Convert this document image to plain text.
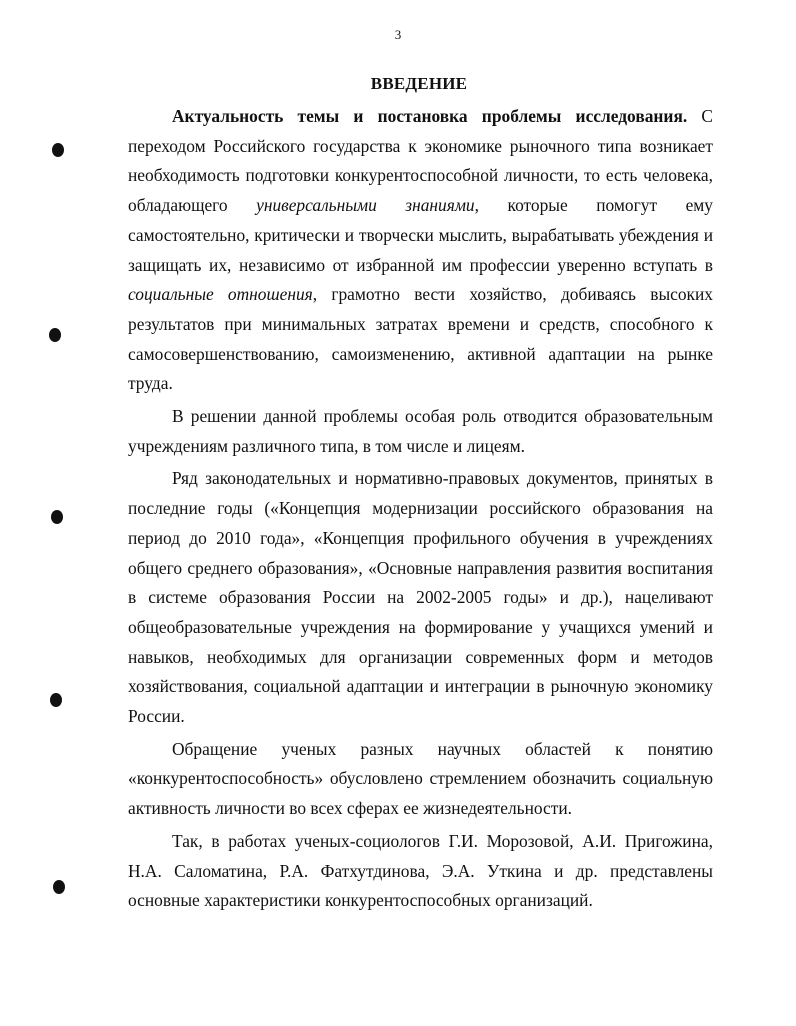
3
ВВЕДЕНИЕ

Актуальность темы и постановка проблемы исследования. С переходом Российского государства к экономике рыночного типа возникает необходимость подготовки конкурентоспособной личности, то есть человека, обладающего универсальными знаниями, которые помогут ему самостоятельно, критически и творчески мыслить, вырабатывать убеждения и защищать их, независимо от избранной им профессии уверенно вступать в социальные отношения, грамотно вести хозяйство, добиваясь высоких результатов при минимальных затратах времени и средств, способного к самосовершенствованию, самоизменению, активной адаптации на рынке труда.

В решении данной проблемы особая роль отводится образовательным учреждениям различного типа, в том числе и лицеям.

Ряд законодательных и нормативно-правовых документов, принятых в последние годы («Концепция модернизации российского образования на период до 2010 года», «Концепция профильного обучения в учреждениях общего среднего образования», «Основные направления развития воспитания в системе образования России на 2002-2005 годы» и др.), нацеливают общеобразовательные учреждения на формирование у учащихся умений и навыков, необходимых для организации современных форм и методов хозяйствования, социальной адаптации и интеграции в рыночную экономику России.

Обращение ученых разных научных областей к понятию «конкурентоспособность» обусловлено стремлением обозначить социальную активность личности во всех сферах ее жизнедеятельности.

Так, в работах ученых-социологов Г.И. Морозовой, А.И. Пригожина, Н.А. Саломатина, Р.А. Фатхутдинова, Э.А. Уткина и др. представлены основные характеристики конкурентоспособных организаций.
